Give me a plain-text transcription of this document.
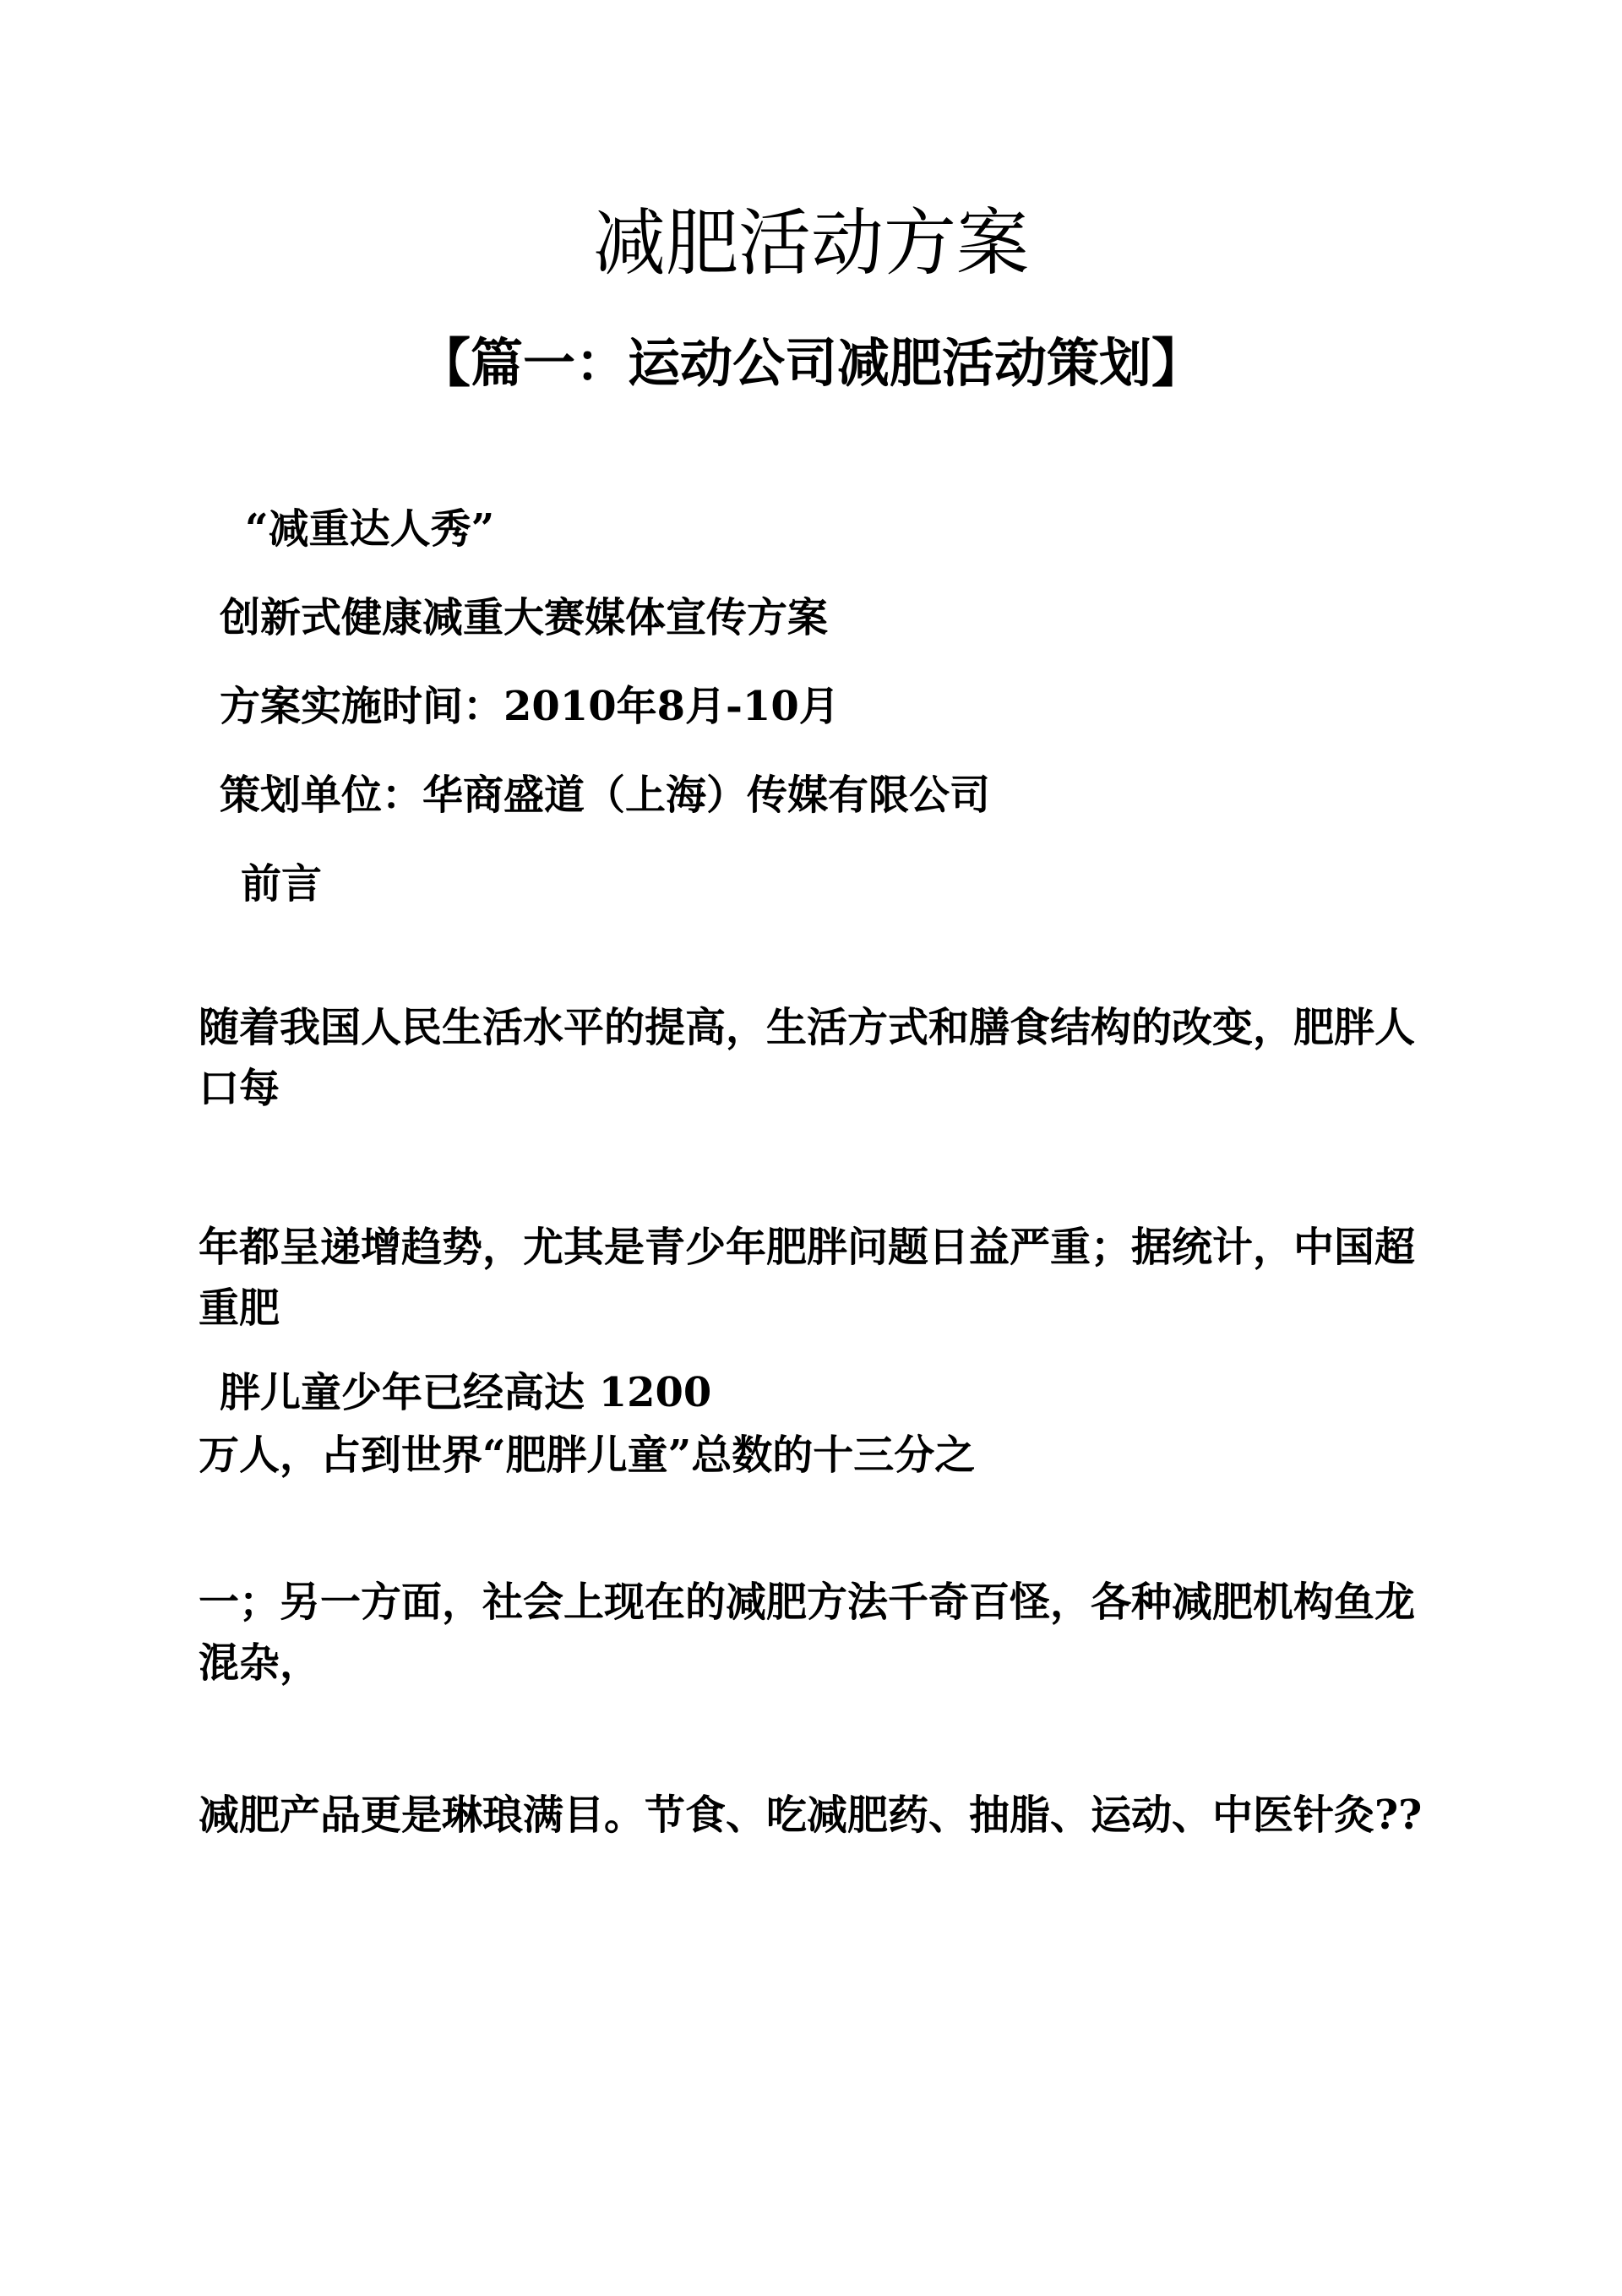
减肥活动方案
【篇一：运动公司减肥活动策划】

“减重达人秀”

创新式健康减重大赛媒体宣传方案

方案实施时间：2010年8月-10月

策划单位：华商盛道（上海）传媒有限公司

前言

随着我国人民生活水平的提高，生活方式和膳食结构的改变，肥胖人口每

年都呈递增趋势，尤其是青少年肥胖问题日益严重；据统计，中国超重肥

胖儿童少年已经高达 1200

万人，占到世界“肥胖儿童”总数的十三分之

一；另一方面，社会上现在的减肥方法千奇百怪，各种减肥机构鱼龙混杂，

减肥产品更是琳琅满目。节食、吃减肥药、抽脂、运动、中医针灸??
